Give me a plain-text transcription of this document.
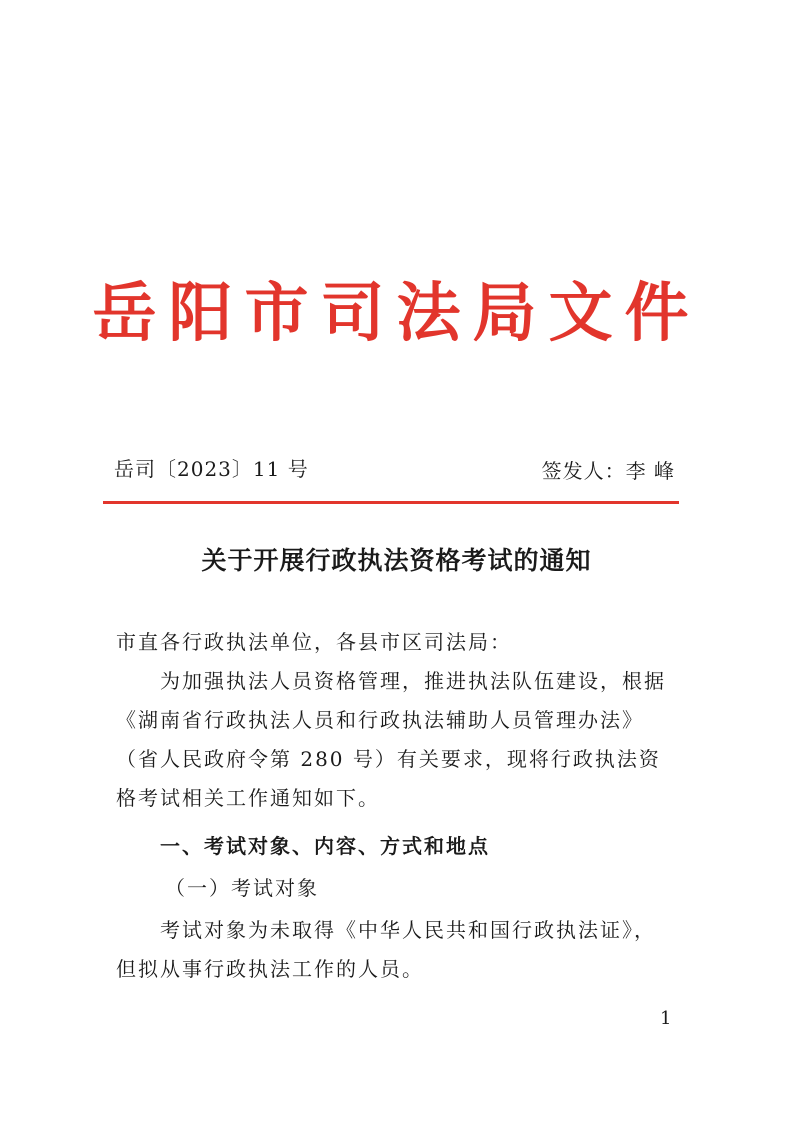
岳阳市司法局文件
岳司〔2023〕11 号	签发人：李 峰
关于开展行政执法资格考试的通知
市直各行政执法单位，各县市区司法局：
为加强执法人员资格管理，推进执法队伍建设，根据《湖南省行政执法人员和行政执法辅助人员管理办法》（省人民政府令第 280 号）有关要求，现将行政执法资格考试相关工作通知如下。
一、考试对象、内容、方式和地点
（一）考试对象
考试对象为未取得《中华人民共和国行政执法证》，但拟从事行政执法工作的人员。
1
